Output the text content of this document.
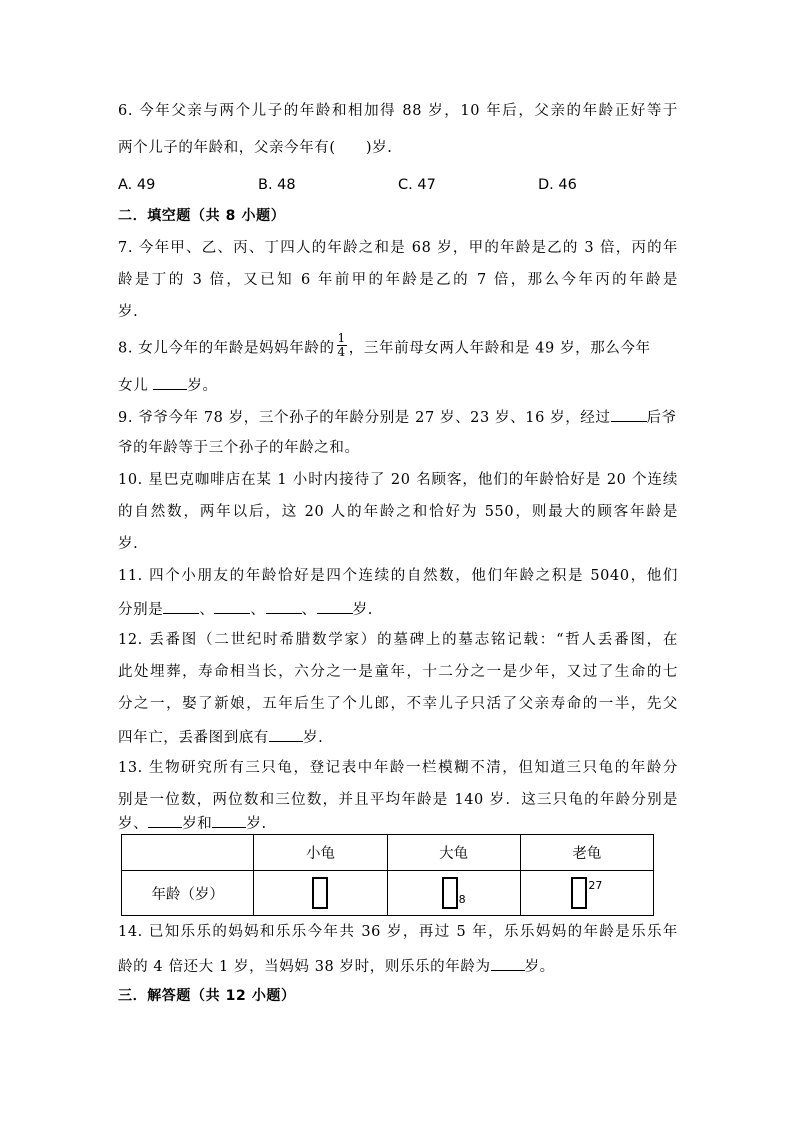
6. 今年父亲与两个儿子的年龄和相加得 88 岁，10 年后，父亲的年龄正好等于
两个儿子的年龄和，父亲今年有(　　)岁.
A. 49	B. 48	C. 47	D. 46
二．填空题（共 8 小题）
7. 今年甲、乙、丙、丁四人的年龄之和是 68 岁，甲的年龄是乙的 3 倍，丙的年
龄是丁的 3 倍，又已知 6 年前甲的年龄是乙的 7 倍，那么今年丙的年龄是
岁.
8. 女儿今年的年龄是妈妈年龄的 $\frac{1}{4}$ ，三年前母女两人年龄和是 49 岁，那么今年
女儿 岁。
9. 爷爷今年 78 岁，三个孙子的年龄分别是 27 岁、23 岁、16 岁，经过 后爷
爷的年龄等于三个孙子的年龄之和。
10. 星巴克咖啡店在某 1 小时内接待了 20 名顾客，他们的年龄恰好是 20 个连续
的自然数，两年以后，这 20 人的年龄之和恰好为 550，则最大的顾客年龄是
岁.
11. 四个小朋友的年龄恰好是四个连续的自然数，他们年龄之积是 5040，他们
分别是 、 、 、 岁.
12. 丢番图（二世纪时希腊数学家）的墓碑上的墓志铭记载：“哲人丢番图，在
此处埋葬，寿命相当长，六分之一是童年，十二分之一是少年，又过了生命的七
分之一，娶了新娘，五年后生了个儿郎，不幸儿子只活了父亲寿命的一半，先父
四年亡，丢番图到底有 岁.
13. 生物研究所有三只龟，登记表中年龄一栏模糊不清，但知道三只龟的年龄分
别是一位数，两位数和三位数，并且平均年龄是 140 岁．这三只龟的年龄分别是
岁、 岁和 岁.
	小龟	大龟	老龟
年龄（岁）		$_8$	$^{27}$
14. 已知乐乐的妈妈和乐乐今年共 36 岁，再过 5 年，乐乐妈妈的年龄是乐乐年
龄的 4 倍还大 1 岁，当妈妈 38 岁时，则乐乐的年龄为 岁。
三．解答题（共 12 小题）
